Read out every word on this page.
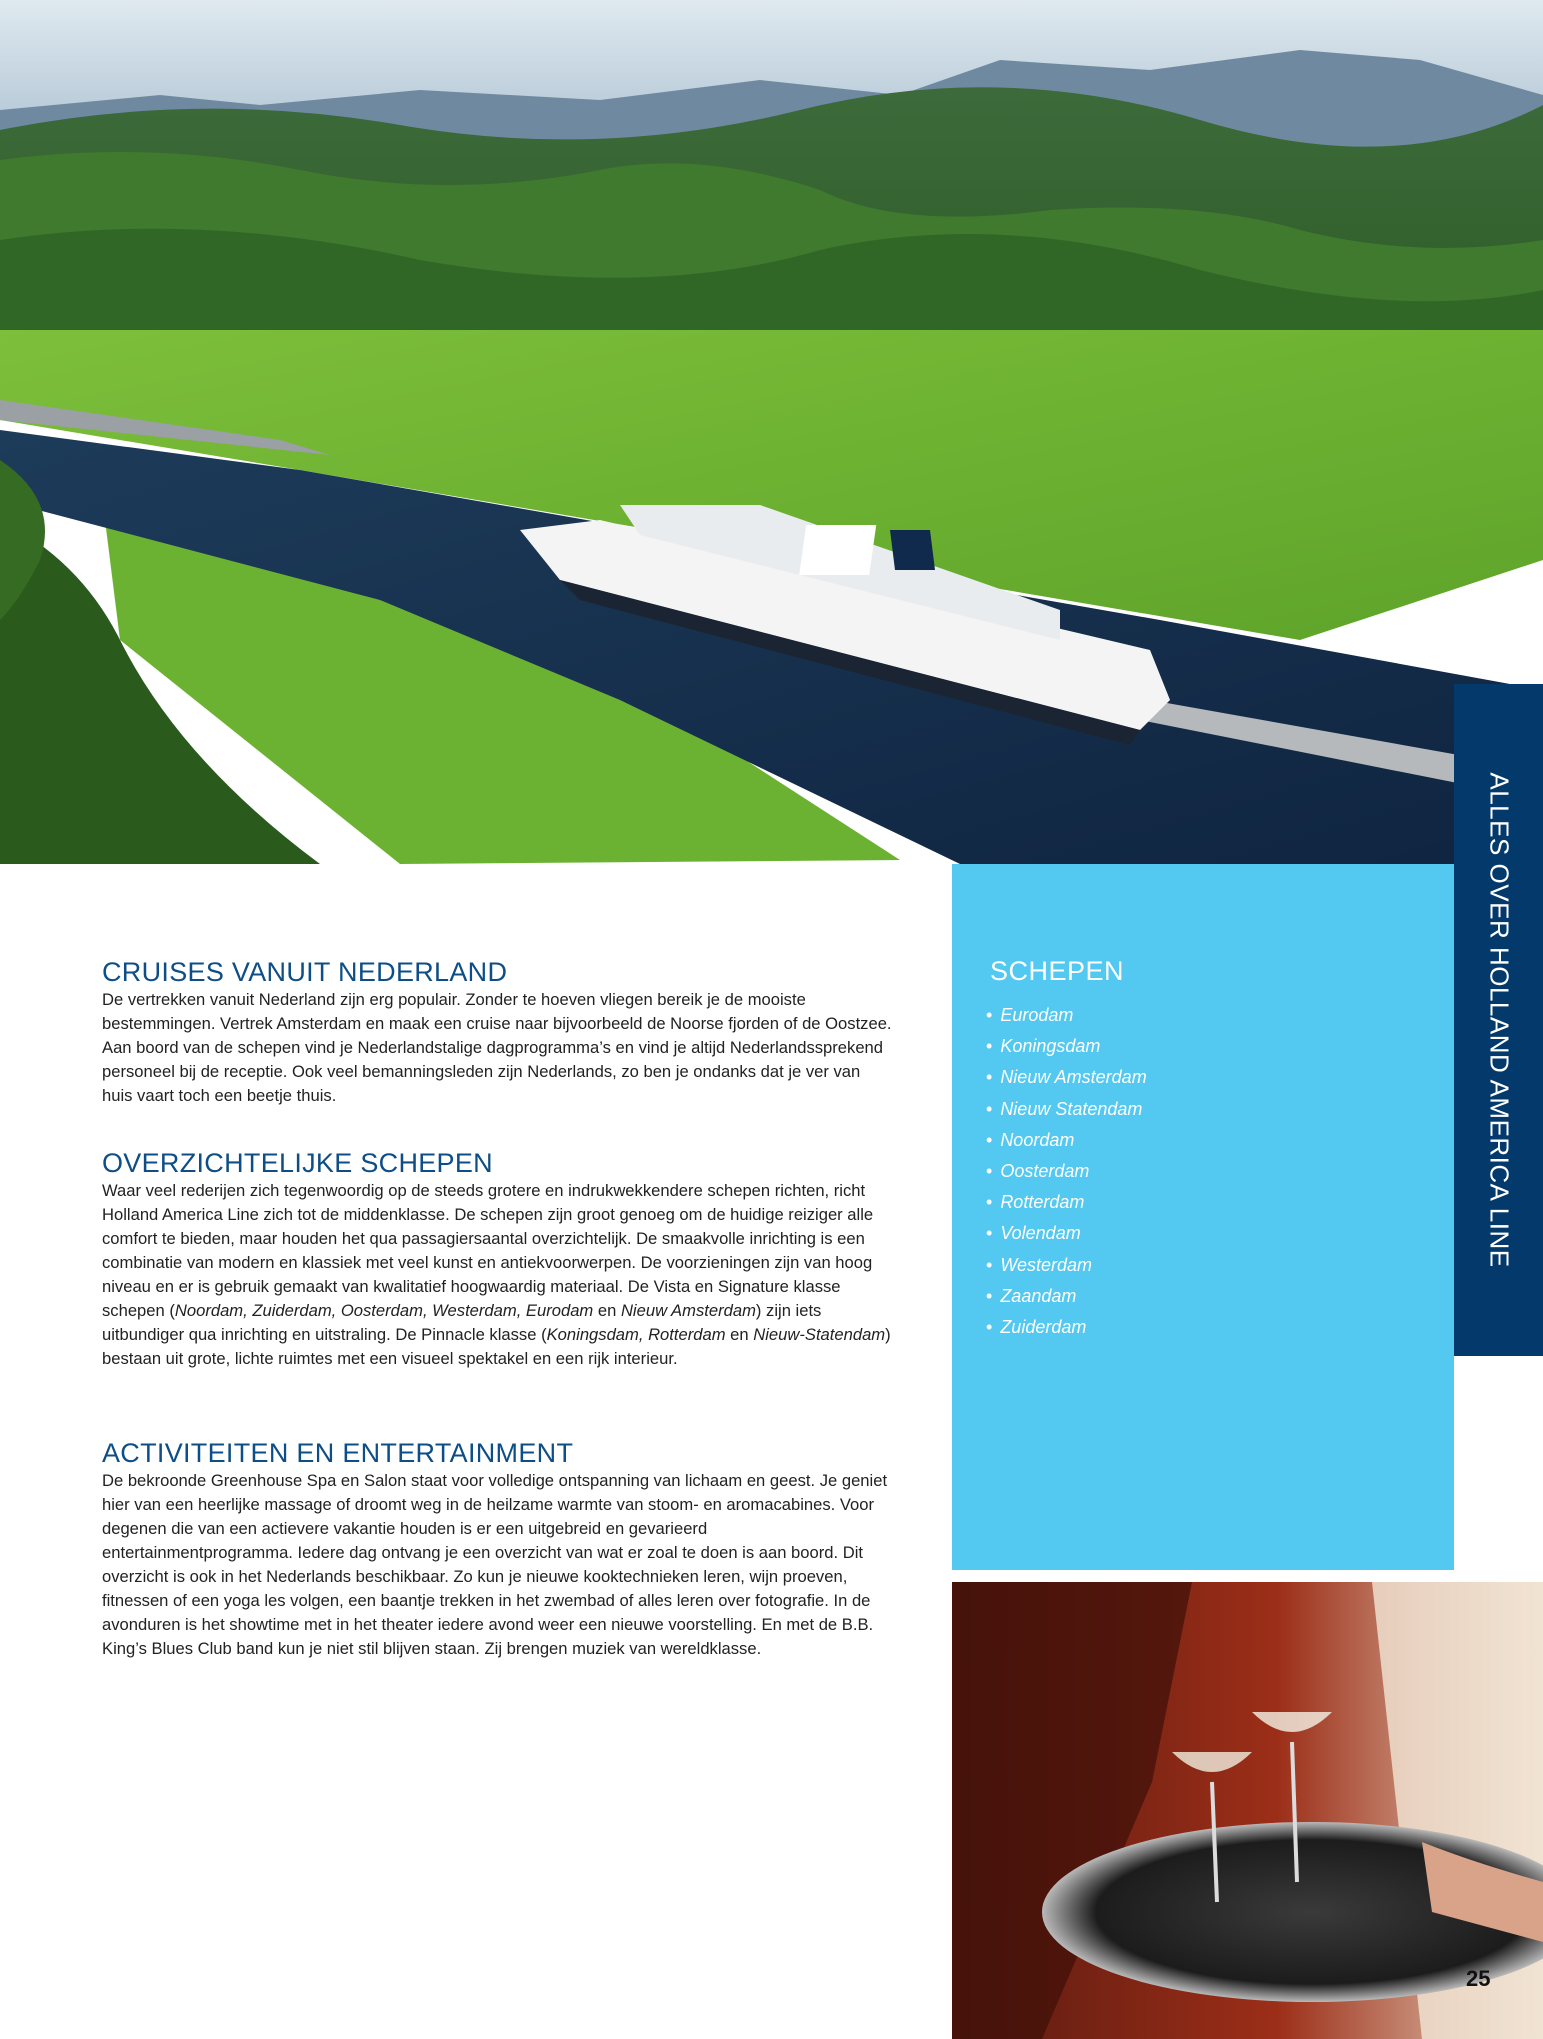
ALLES OVER HOLLAND AMERICA LINE
CRUISES VANUIT NEDERLAND

De vertrekken vanuit Nederland zijn erg populair. Zonder te hoeven vliegen bereik je de mooiste bestemmingen. Vertrek Amsterdam en maak een cruise naar bijvoorbeeld de Noorse fjorden of de Oostzee. Aan boord van de schepen vind je Nederlandstalige dagprogramma’s en vind je altijd Nederlandssprekend personeel bij de receptie. Ook veel bemanningsleden zijn Nederlands, zo ben je ondanks dat je ver van huis vaart toch een beetje thuis.

OVERZICHTELIJKE SCHEPEN

Waar veel rederijen zich tegenwoordig op de steeds grotere en indrukwekkendere schepen richten, richt Holland America Line zich tot de middenklasse. De schepen zijn groot genoeg om de huidige reiziger alle comfort te bieden, maar houden het qua passagiersaantal overzichtelijk. De smaakvolle inrichting is een combinatie van modern en klassiek met veel kunst en antiekvoorwerpen. De voorzieningen zijn van hoog niveau en er is gebruik gemaakt van kwalitatief hoogwaardig materiaal. De Vista en Signature klasse schepen (Noordam, Zuiderdam, Oosterdam, Westerdam, Eurodam en Nieuw Amsterdam) zijn iets uitbundiger qua inrichting en uitstraling. De Pinnacle klasse (Koningsdam, Rotterdam en Nieuw-Statendam) bestaan uit grote, lichte ruimtes met een visueel spektakel en een rijk interieur.

ACTIVITEITEN EN ENTERTAINMENT

De bekroonde Greenhouse Spa en Salon staat voor volledige ontspanning van lichaam en geest. Je geniet hier van een heerlijke massage of droomt weg in de heilzame warmte van stoom- en aromacabines. Voor degenen die van een actievere vakantie houden is er een uitgebreid en gevarieerd entertainmentprogramma. Iedere dag ontvang je een overzicht van wat er zoal te doen is aan boord. Dit overzicht is ook in het Nederlands beschikbaar. Zo kun je nieuwe kooktechnieken leren, wijn proeven, fitnessen of een yoga les volgen, een baantje trekken in het zwembad of alles leren over fotografie. In de avonduren is het showtime met in het theater iedere avond weer een nieuwe voorstelling. En met de B.B. King’s Blues Club band kun je niet stil blijven staan. Zij brengen muziek van wereldklasse.

SCHEPEN
• Eurodam
• Koningsdam
• Nieuw Amsterdam
• Nieuw Statendam
• Noordam
• Oosterdam
• Rotterdam
• Volendam
• Westerdam
• Zaandam
• Zuiderdam
25
